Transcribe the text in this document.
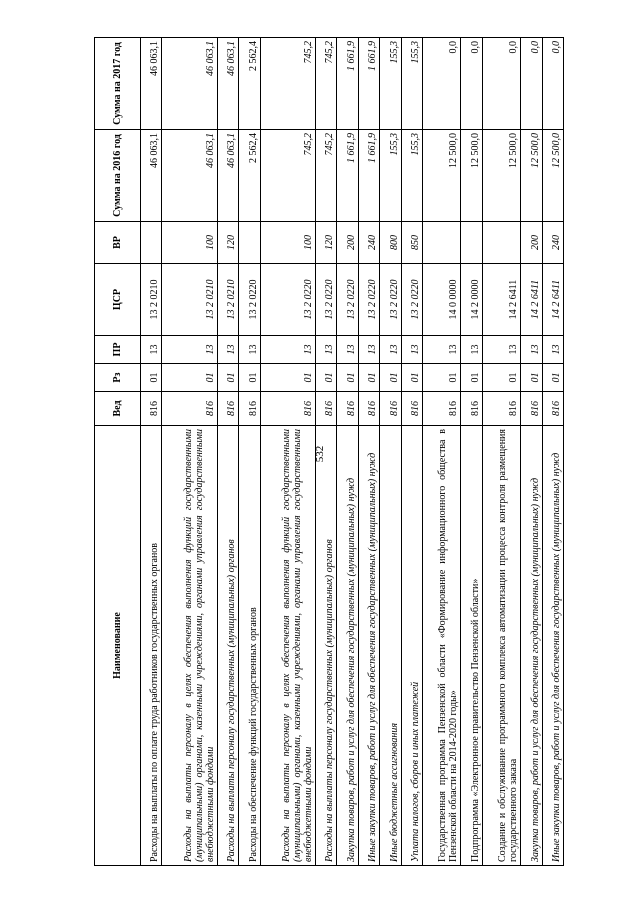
532
Наименование	Вед	Рз	ПР	ЦСР	ВР	Сумма на 2016 год	Сумма на 2017 год
Расходы на выплаты по оплате труда работников государственных органов	816	01	13	13 2 0210		46 063,1	46 063,1
Расходы на выплаты персоналу в целях обеспечения выполнения функций государственными (муниципальными) органами, казенными учреждениями, органами управления государственными внебюджетными фондами	816	01	13	13 2 0210	100	46 063,1	46 063,1
Расходы на выплаты персоналу государственных (муниципальных) органов	816	01	13	13 2 0210	120	46 063,1	46 063,1
Расходы на обеспечение функций государственных органов	816	01	13	13 2 0220		2 562,4	2 562,4
Расходы на выплаты персоналу в целях обеспечения выполнения функций государственными (муниципальными) органами, казенными учреждениями, органами управления государственными внебюджетными фондами	816	01	13	13 2 0220	100	745,2	745,2
Расходы на выплаты персоналу государственных (муниципальных) органов	816	01	13	13 2 0220	120	745,2	745,2
Закупка товаров, работ и услуг для обеспечения государственных (муниципальных) нужд	816	01	13	13 2 0220	200	1 661,9	1 661,9
Иные закупки товаров, работ и услуг для обеспечения государственных (муниципальных) нужд	816	01	13	13 2 0220	240	1 661,9	1 661,9
Иные бюджетные ассигнования	816	01	13	13 2 0220	800	155,3	155,3
Уплата налогов, сборов и иных платежей	816	01	13	13 2 0220	850	155,3	155,3
Государственная программа Пензенской области «Формирование информационного общества в Пензенской области на 2014-2020 годы»	816	01	13	14 0 0000		12 500,0	0,0
Подпрограмма «Электронное правительство Пензенской области»	816	01	13	14 2 0000		12 500,0	0,0
Создание и обслуживание программного комплекса автоматизации процесса контроля размещения государственного заказа	816	01	13	14 2 6411		12 500,0	0,0
Закупка товаров, работ и услуг для обеспечения государственных (муниципальных) нужд	816	01	13	14 2 6411	200	12 500,0	0,0
Иные закупки товаров, работ и услуг для обеспечения государственных (муниципальных) нужд	816	01	13	14 2 6411	240	12 500,0	0,0
